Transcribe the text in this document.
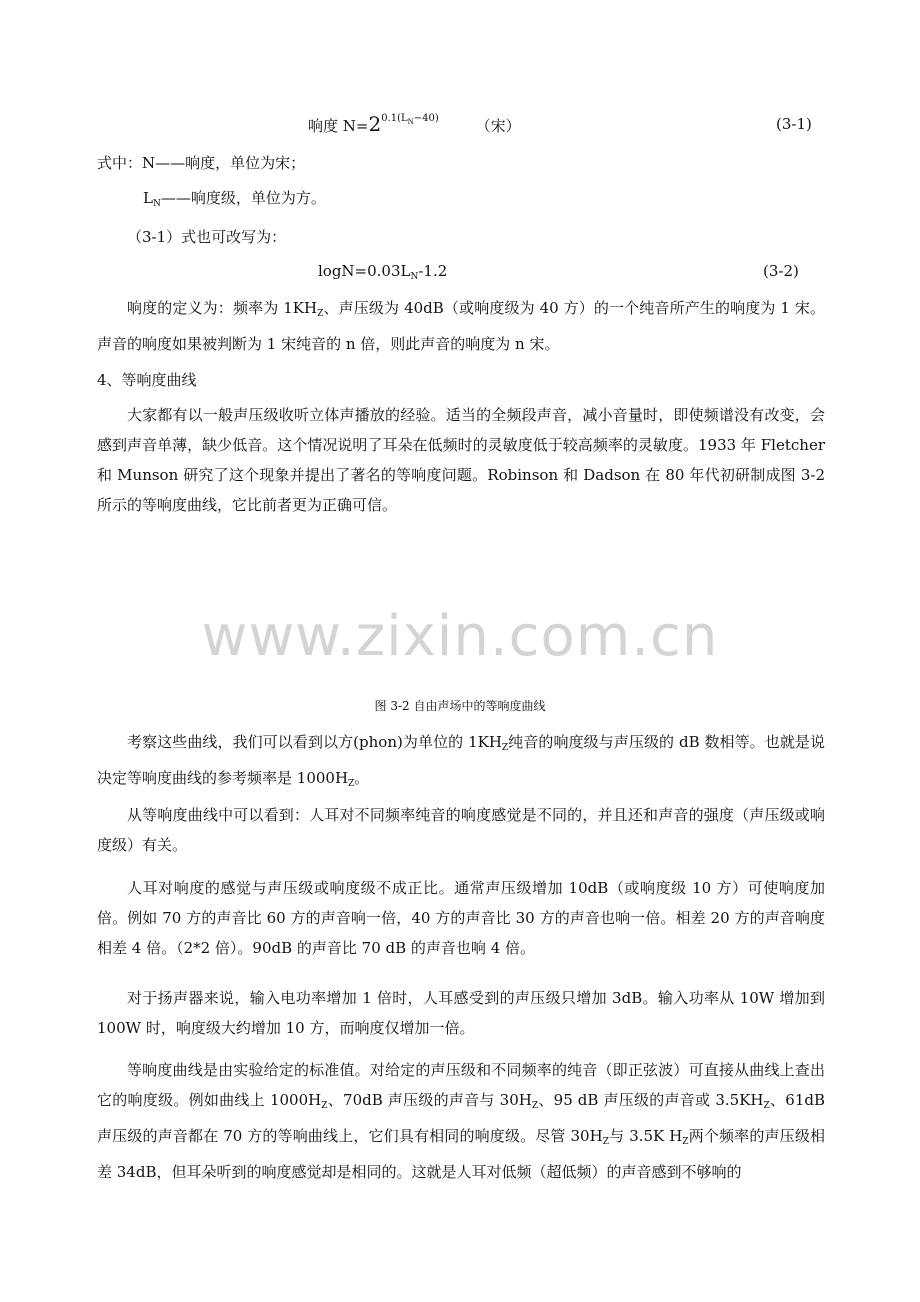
响度 $N=2^{0.1(L_N-40)}$ （宋）	(3-1)
式中：N——响度，单位为宋；
$L_N——$响度级，单位为方。
（3-1）式也可改写为：
$\log N=0.03L_N-1.2$	(3-2)
响度的定义为：频率为 $1KH_Z$、声压级为 40dB（或响度级为 40 方）的一个纯音所产生的响度为 1 宋。声音的响度如果被判断为 1 宋纯音的 n 倍，则此声音的响度为 n 宋。
4、等响度曲线
大家都有以一般声压级收听立体声播放的经验。适当的全频段声音，减小音量时，即使频谱没有改变，会感到声音单薄，缺少低音。这个情况说明了耳朵在低频时的灵敏度低于较高频率的灵敏度。1933 年 Fletcher 和 Munson 研究了这个现象并提出了著名的等响度问题。Robinson 和 Dadson 在 80 年代初研制成图 3-2 所示的等响度曲线，它比前者更为正确可信。
www.zixin.com.cn
图 3-2 自由声场中的等响度曲线
考察这些曲线，我们可以看到以方(phon)为单位的 $1KH_Z$纯音的响度级与声压级的 dB 数相等。也就是说决定等响度曲线的参考频率是 $1000H_Z$。
从等响度曲线中可以看到：人耳对不同频率纯音的响度感觉是不同的，并且还和声音的强度（声压级或响度级）有关。
人耳对响度的感觉与声压级或响度级不成正比。通常声压级增加 10dB（或响度级 10 方）可使响度加倍。例如 70 方的声音比 60 方的声音响一倍，40 方的声音比 30 方的声音也响一倍。相差 20 方的声音响度相差 4 倍。（2*2 倍）。90dB 的声音比 70 dB 的声音也响 4 倍。
对于扬声器来说，输入电功率增加 1 倍时，人耳感受到的声压级只增加 3dB。输入功率从 10W 增加到 100W 时，响度级大约增加 10 方，而响度仅增加一倍。
等响度曲线是由实验给定的标准值。对给定的声压级和不同频率的纯音（即正弦波）可直接从曲线上查出它的响度级。例如曲线上 $1000H_Z$、70dB 声压级的声音与 $30H_Z$、95 dB 声压级的声音或 $3.5KH_Z$、61dB 声压级的声音都在 70 方的等响曲线上，它们具有相同的响度级。尽管 $30H_Z$与 3.5K $H_Z$两个频率的声压级相差 34dB，但耳朵听到的响度感觉却是相同的。这就是人耳对低频（超低频）的声音感到不够响的
